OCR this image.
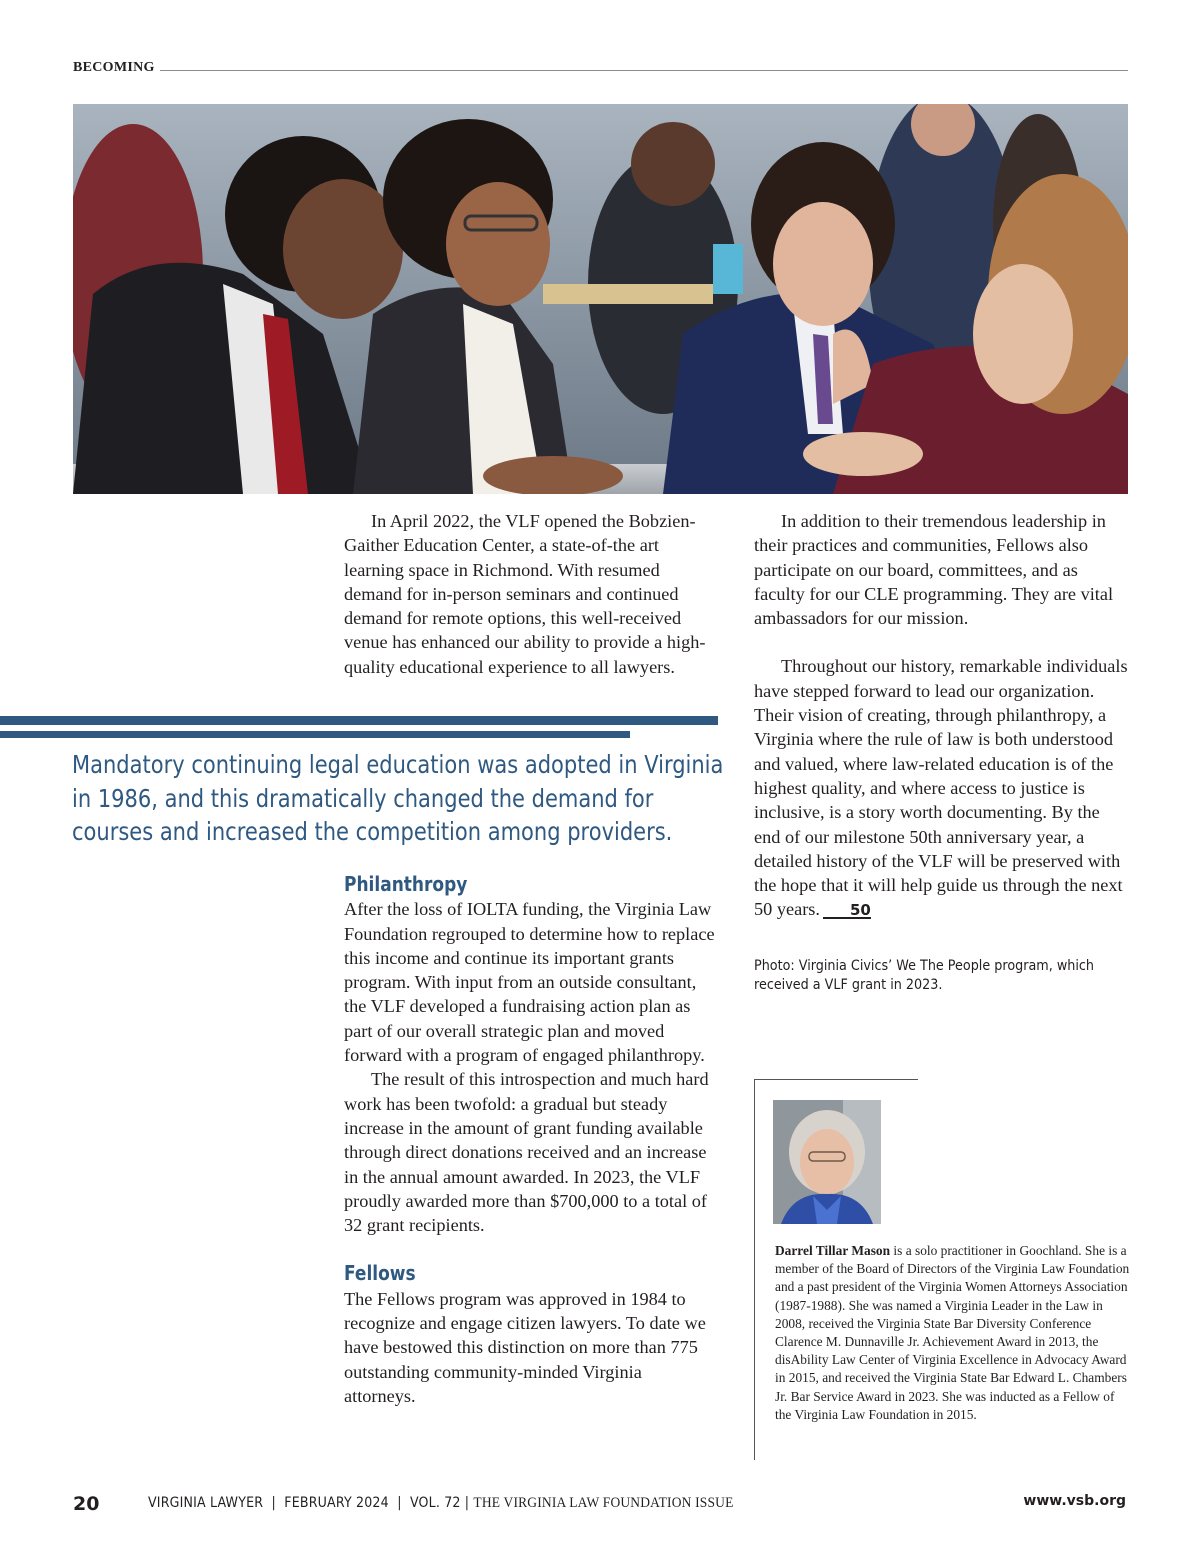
BECOMING

In April 2022, the VLF opened the Bobzien-Gaither Education Center, a state-of-the art learning space in Richmond. With resumed demand for in-person seminars and continued demand for remote options, this well-received venue has enhanced our ability to provide a high-quality educational experience to all lawyers.

Mandatory continuing legal education was adopted in Virginia in 1986, and this dramatically changed the demand for courses and increased the competition among providers.
Philanthropy

After the loss of IOLTA funding, the Virginia Law Foundation regrouped to determine how to replace this income and continue its important grants program. With input from an outside consultant, the VLF developed a fundraising action plan as part of our overall strategic plan and moved forward with a program of engaged philanthropy.

The result of this introspection and much hard work has been twofold: a gradual but steady increase in the amount of grant funding available through direct donations received and an increase in the annual amount awarded. In 2023, the VLF proudly awarded more than $700,000 to a total of 32 grant recipients.

Fellows

The Fellows program was approved in 1984 to recognize and engage citizen lawyers. To date we have bestowed this distinction on more than 775 outstanding community-minded Virginia attorneys.

In addition to their tremendous leadership in their practices and communities, Fellows also participate on our board, committees, and as faculty for our CLE programming. They are vital ambassadors for our mission.

Throughout our history, remarkable individuals have stepped forward to lead our organization. Their vision of creating, through philanthropy, a Virginia where the rule of law is both understood and valued, where law-related education is of the highest quality, and where access to justice is inclusive, is a story worth documenting. By the end of our milestone 50th anniversary year, a detailed history of the VLF will be preserved with the hope that it will help guide us through the next 50 years. 50

Photo: Virginia Civics’ We The People program, which received a VLF grant in 2023.
Darrel Tillar Mason is a solo practitioner in Goochland. She is a member of the Board of Directors of the Virginia Law Foundation and a past president of the Virginia Women Attorneys Association (1987-1988). She was named a Virginia Leader in the Law in 2008, received the Virginia State Bar Diversity Conference Clarence M. Dunnaville Jr. Achievement Award in 2013, the disAbility Law Center of Virginia Excellence in Advocacy Award in 2015, and received the Virginia State Bar Edward L. Chambers Jr. Bar Service Award in 2023. She was inducted as a Fellow of the Virginia Law Foundation in 2015.
20	VIRGINIA LAWYER  |  FEBRUARY 2024  |  VOL. 72 | THE VIRGINIA LAW FOUNDATION ISSUE	www.vsb.org
